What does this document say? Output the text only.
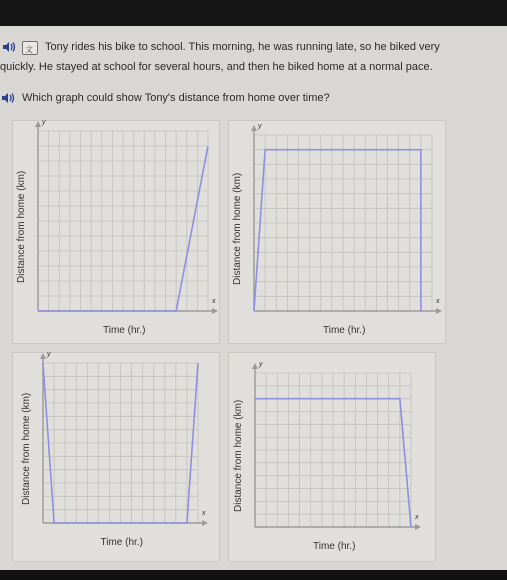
文 Tony rides his bike to school. This morning, he was running late, so he biked very
quickly. He stayed at school for several hours, and then he biked home at a normal pace.
Which graph could show Tony's distance from home over time?
Distance from home (km)
Time (hr.)
x
y
Distance from home (km)
Time (hr.)
x
y
Distance from home (km)
Time (hr.)
x
y
Distance from home (km)
Time (hr.)
x
y
